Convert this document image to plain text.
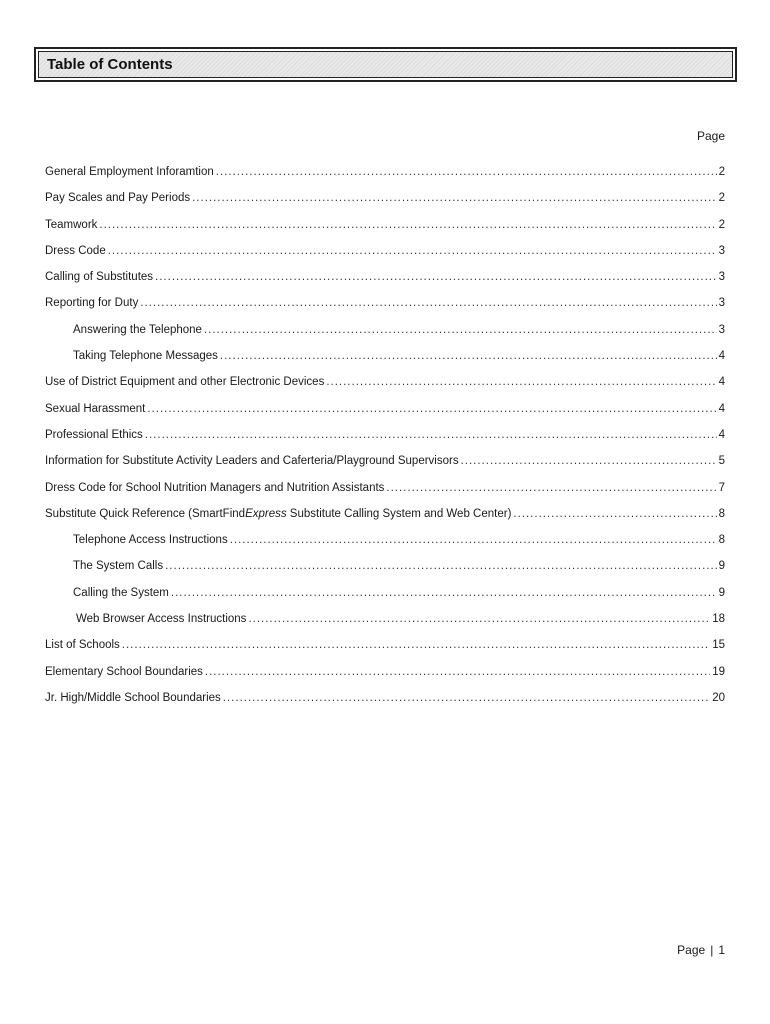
Table of Contents
Page
General Employment Inforamtion .....	2
Pay Scales and Pay Periods .....	2
Teamwork .....	2
Dress Code .....	3
Calling of Substitutes .....	3
Reporting for Duty .....	3
Answering the Telephone .....	3
Taking Telephone Messages .....	4
Use of District Equipment and other Electronic Devices .....	4
Sexual Harassment .....	4
Professional Ethics .....	4
Information for Substitute Activity Leaders and Caferteria/Playground Supervisors .....	5
Dress Code for School Nutrition Managers and Nutrition Assistants .....	7
Substitute Quick Reference (SmartFindExpress Substitute Calling System and Web Center) .....	8
Telephone Access Instructions .....	8
The System Calls .....	9
Calling the System .....	9
Web Browser Access Instructions .....	18
List of Schools .....	15
Elementary School Boundaries .....	19
Jr. High/Middle School Boundaries .....	20
Page | 1
